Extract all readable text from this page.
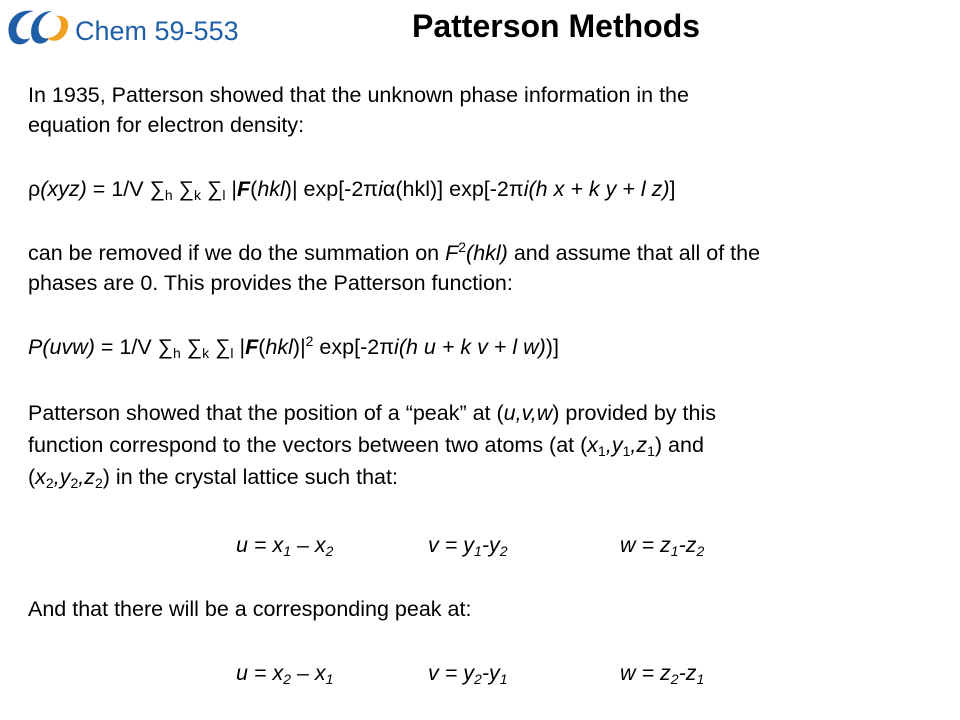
Chem 59-553	Patterson Methods
In 1935, Patterson showed that the unknown phase information in the
equation for electron density:
ρ(xyz) = 1/V $\sum_h$ $\sum_k$ $\sum_l$ |F(hkl)| exp[-2πiα(hkl)] exp[-2πi(h x + k y + l z)]
can be removed if we do the summation on $F^2(hkl)$ and assume that all of the
phases are 0. This provides the Patterson function:
P(uvw) = 1/V $\sum_h$ $\sum_k$ $\sum_l$ $|F(hkl)|^2$ exp[-2πi(h u + k v + l w))]
Patterson showed that the position of a “peak” at (u,v,w) provided by this
function correspond to the vectors between two atoms (at $(x_1,y_1,z_1)$ and
$(x_2,y_2,z_2)$ in the crystal lattice such that:
$u = x_1 - x_2$	$v = y_1-y_2$	$w = z_1-z_2$
And that there will be a corresponding peak at:
$u = x_2 - x_1$	$v = y_2-y_1$	$w = z_2-z_1$
